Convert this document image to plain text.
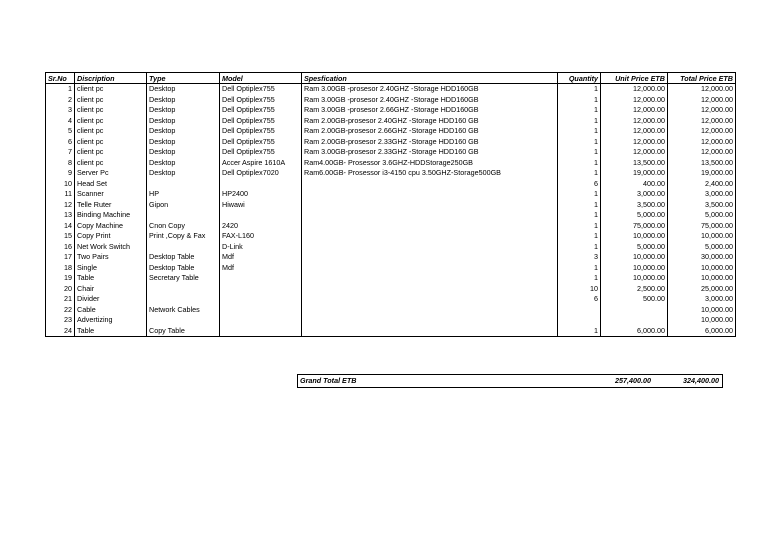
Sr.No	Discription	Type	Model	Spesfication	Quantity	Unit Price ETB	Total Price ETB
1	client pc	Desktop	Dell Optiplex755	Ram 3.00GB -prosesor 2.40GHZ -Storage HDD160GB	1	12,000.00	12,000.00
2	client pc	Desktop	Dell Optiplex755	Ram 3.00GB -prosesor 2.40GHZ -Storage HDD160GB	1	12,000.00	12,000.00
3	client pc	Desktop	Dell Optiplex755	Ram 3.00GB -prosesor 2.66GHZ -Storage HDD160GB	1	12,000.00	12,000.00
4	client pc	Desktop	Dell Optiplex755	Ram 2.00GB-prosesor 2.40GHZ -Storage HDD160 GB	1	12,000.00	12,000.00
5	client pc	Desktop	Dell Optiplex755	Ram 2.00GB-prosesor 2.66GHZ -Storage HDD160 GB	1	12,000.00	12,000.00
6	client pc	Desktop	Dell Optiplex755	Ram 2.00GB-prosesor 2.33GHZ -Storage HDD160 GB	1	12,000.00	12,000.00
7	client pc	Desktop	Dell Optiplex755	Ram 3.00GB-prosesor 2.33GHZ -Storage HDD160 GB	1	12,000.00	12,000.00
8	client pc	Desktop	Accer Aspire 1610A	Ram4.00GB- Prosessor 3.6GHZ-HDDStorage250GB	1	13,500.00	13,500.00
9	Server Pc	Desktop	Dell Optiplex7020	Ram6.00GB- Prosessor i3-4150 cpu 3.50GHZ-Storage500GB	1	19,000.00	19,000.00
10	Head Set				6	400.00	2,400.00
11	Scanner	HP	HP2400		1	3,000.00	3,000.00
12	Telle Ruter	Gipon	Hiwawi		1	3,500.00	3,500.00
13	Binding Machine				1	5,000.00	5,000.00
14	Copy Machine	Cnon Copy	2420		1	75,000.00	75,000.00
15	Copy Print	Print ,Copy & Fax	FAX-L160		1	10,000.00	10,000.00
16	Net Work Switch		D-Link		1	5,000.00	5,000.00
17	Two Pairs	Desktop Table	Mdf		3	10,000.00	30,000.00
18	Single	Desktop Table	Mdf		1	10,000.00	10,000.00
19	Table	Secretary Table			1	10,000.00	10,000.00
20	Chair				10	2,500.00	25,000.00
21	Divider				6	500.00	3,000.00
22	Cable	Network Cables					10,000.00
23	Advertizing						10,000.00
24	Table	Copy Table			1	6,000.00	6,000.00
Grand Total ETB	257,400.00	324,400.00
